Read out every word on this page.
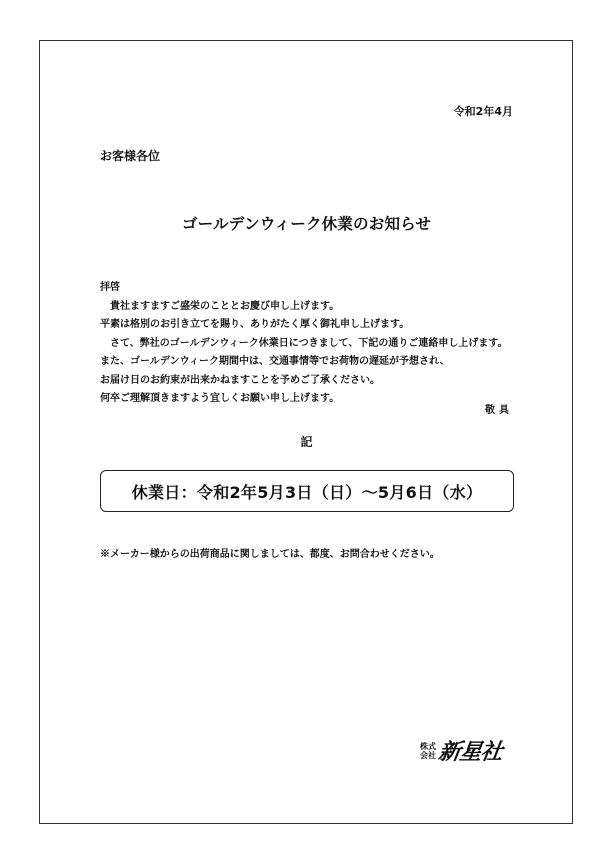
令和2年4月
お客様各位
ゴールデンウィーク休業のお知らせ
拝啓
　貴社ますますご盛栄のこととお慶び申し上げます。
平素は格別のお引き立てを賜り、ありがたく厚く御礼申し上げます。
　さて、弊社のゴールデンウィーク休業日につきまして、下記の通りご連絡申し上げます。
また、ゴールデンウィーク期間中は、交通事情等でお荷物の遅延が予想され、
お届け日のお約束が出来かねますことを予めご了承ください。
何卒ご理解頂きますよう宜しくお願い申し上げます。
敬具
記
休業日：令和2年5月3日（日）～5月6日（水）
※メーカー様からの出荷商品に関しましては、都度、お問合わせください。
株式
会社 新星社
